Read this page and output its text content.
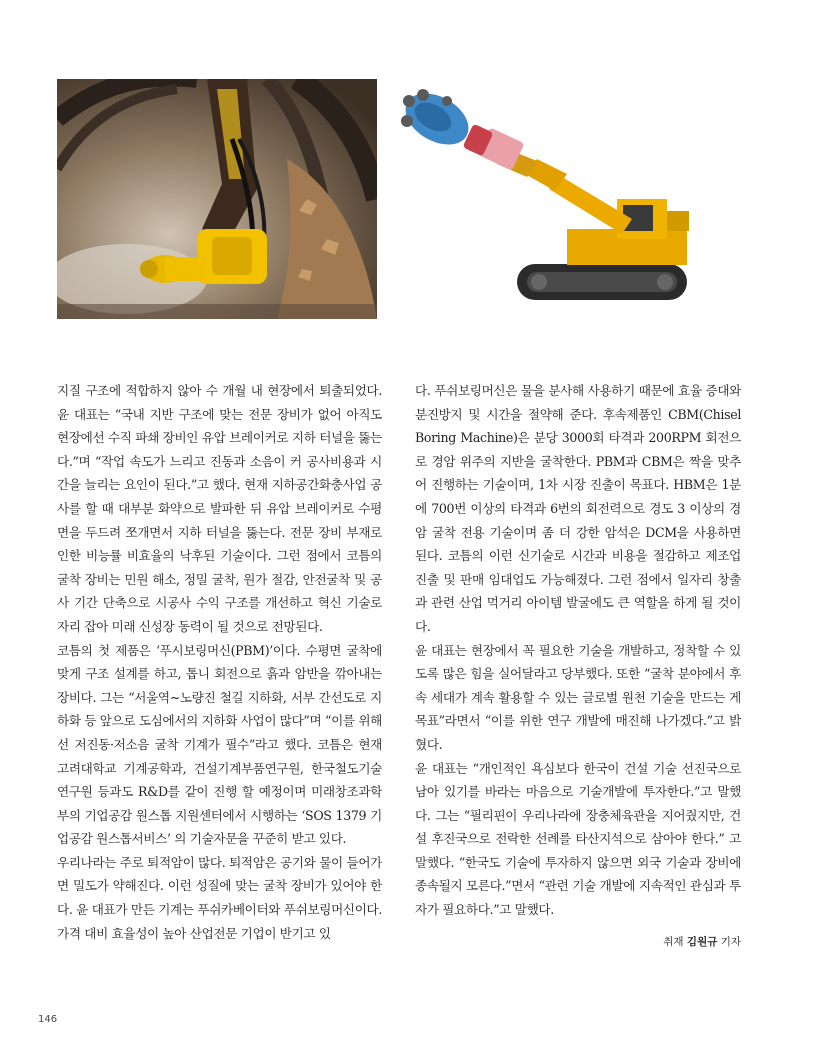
지질 구조에 적합하지 않아 수 개월 내 현장에서 퇴출되었다. 윤 대표는 “국내 지반 구조에 맞는 전문 장비가 없어 아직도 현장에선 수직 파쇄 장비인 유압 브레이커로 지하 터널을 뚫는다.”며 “작업 속도가 느리고 진동과 소음이 커 공사비용과 시간을 늘리는 요인이 된다.”고 했다. 현재 지하공간화충사업 공사를 할 때 대부분 화약으로 발파한 뒤 유압 브레이커로 수평면을 두드려 쪼개면서 지하 터널을 뚫는다. 전문 장비 부재로 인한 비능률 비효율의 낙후된 기술이다. 그런 점에서 코틈의 굴착 장비는 민원 해소, 정밀 굴착, 원가 절감, 안전굴착 및 공사 기간 단축으로 시공사 수익 구조를 개선하고 혁신 기술로 자리 잡아 미래 신성장 동력이 될 것으로 전망된다.

코틈의 첫 제품은 ‘푸시보링머신(PBM)’이다. 수평면 굴착에 맞게 구조 설계를 하고, 톱니 회전으로 흙과 암반을 깎아내는 장비다. 그는 “서울역~노량진 철길 지하화, 서부 간선도로 지하화 등 앞으로 도심에서의 지하화 사업이 많다”며 “이를 위해선 저진동·저소음 굴착 기계가 필수”라고 했다. 코틈은 현재 고려대학교 기계공학과, 건설기계부품연구원, 한국철도기술연구원 등과도 R&D를 같이 진행 할 예정이며 미래창조과학부의 기업공감 원스톱 지원센터에서 시행하는 ‘SOS 1379 기업공감 원스톱서비스’ 의 기술자문을 꾸준히 받고 있다.

우리나라는 주로 퇴적암이 많다. 퇴적암은 공기와 물이 들어가면 밀도가 약해진다. 이런 성질에 맞는 굴착 장비가 있어야 한다. 윤 대표가 만든 기계는 푸쉬카베이터와 푸쉬보링머신이다. 가격 대비 효율성이 높아 산업전문 기업이 반기고 있

다. 푸쉬보링머신은 물을 분사해 사용하기 때문에 효율 증대와 분진방지 및 시간을 절약해 준다. 후속제품인 CBM(Chisel Boring Machine)은 분당 3000회 타격과 200RPM 회전으로 경암 위주의 지반을 굴착한다. PBM과 CBM은 짝을 맞추어 진행하는 기술이며, 1차 시장 진출이 목표다. HBM은 1분에 700번 이상의 타격과 6번의 회전력으로 경도 3 이상의 경암 굴착 전용 기술이며 좀 더 강한 암석은 DCM을 사용하면 된다. 코틈의 이런 신기술로 시간과 비용을 절감하고 제조업 진출 및 판매 임대업도 가능해졌다. 그런 점에서 일자리 창출과 관련 산업 먹거리 아이템 발굴에도 큰 역할을 하게 될 것이다.

윤 대표는 현장에서 꼭 필요한 기술을 개발하고, 정착할 수 있도록 많은 힘을 실어달라고 당부했다. 또한 “굴착 분야에서 후속 세대가 계속 활용할 수 있는 글로벌 원천 기술을 만드는 게 목표”라면서 “이를 위한 연구 개발에 매진해 나가겠다.”고 밝혔다.

윤 대표는 “개인적인 욕심보다 한국이 건설 기술 선진국으로 남아 있기를 바라는 마음으로 기술개발에 투자한다.”고 말했다. 그는 “필리핀이 우리나라에 장충체육관을 지어줬지만, 건설 후진국으로 전락한 선례를 타산지석으로 삼아야 한다.” 고 말했다. “한국도 기술에 투자하지 않으면 외국 기술과 장비에 종속될지 모른다.”면서 “관련 기술 개발에 지속적인 관심과 투자가 필요하다.”고 말했다.

취재 김원규 기자
146
